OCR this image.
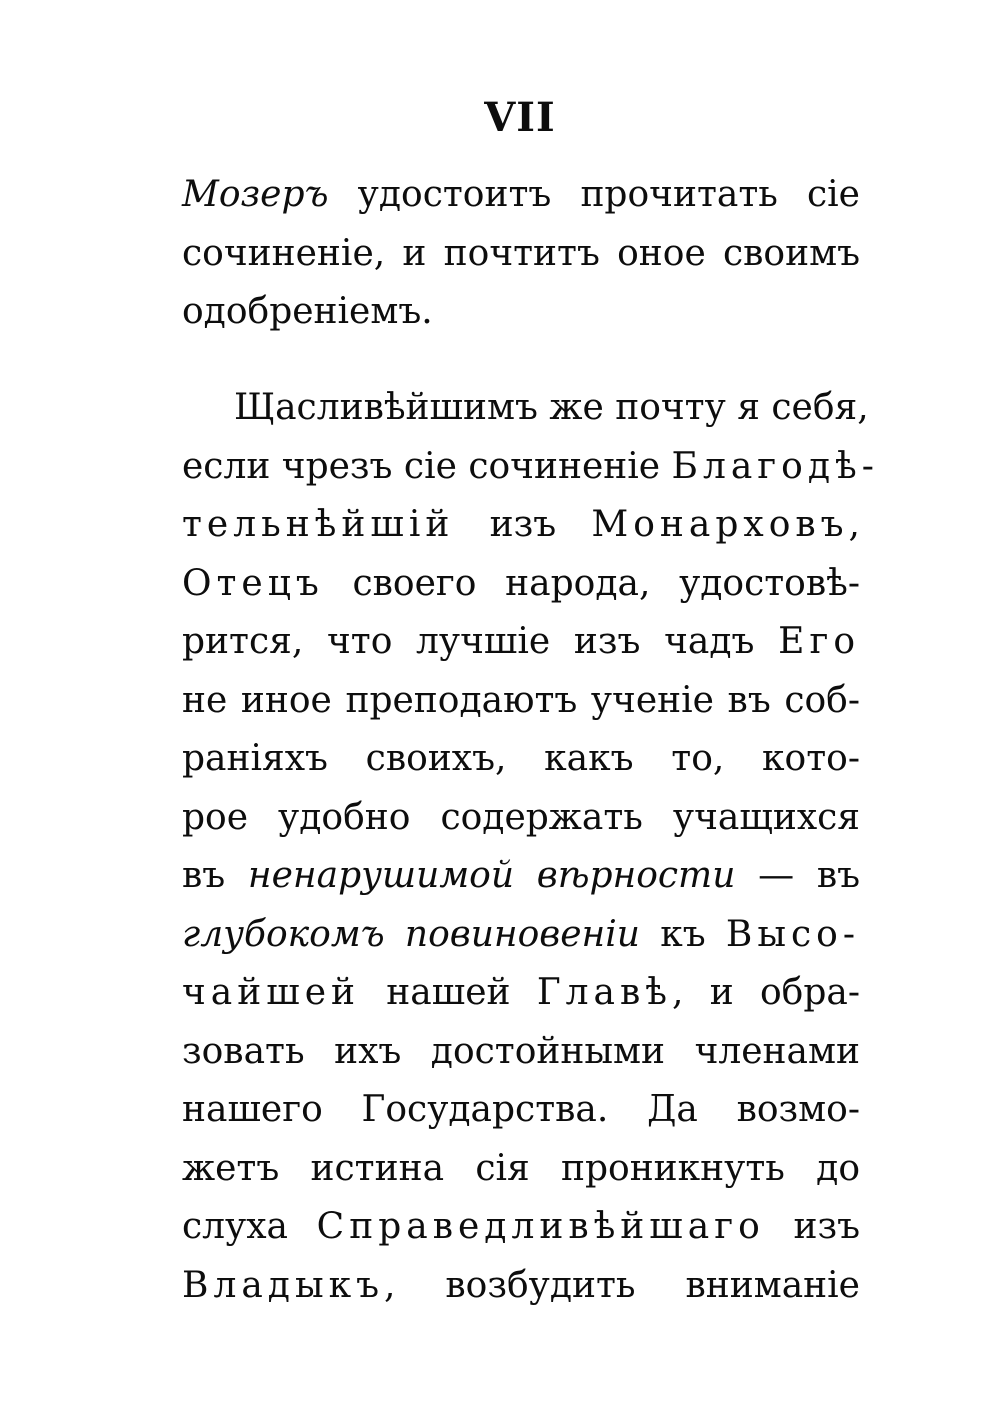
VII
Мозеръ удостоитъ прочитать сіе
сочиненіе, и почтитъ оное своимъ
одобреніемъ.
Щасливѣйшимъ же почту я себя,
если чрезъ сіе сочиненіе Благодѣ-
тельнѣйшій изъ Монарховъ,
Отецъ своего народа, удостовѣ-
рится, что лучшіе изъ чадъ Его
не иное преподаютъ ученіе въ соб-
раніяхъ своихъ, какъ то, кото-
рое удобно содержать учащихся
въ ненарушимой вѣрности — въ
глубокомъ повиновеніи къ Высо-
чайшей нашей Главѣ, и обра-
зовать ихъ достойными членами
нашего Государства. Да возмо-
жетъ истина сія проникнуть до
слуха Справедливѣйшаго изъ
Владыкъ, возбудить вниманіе
